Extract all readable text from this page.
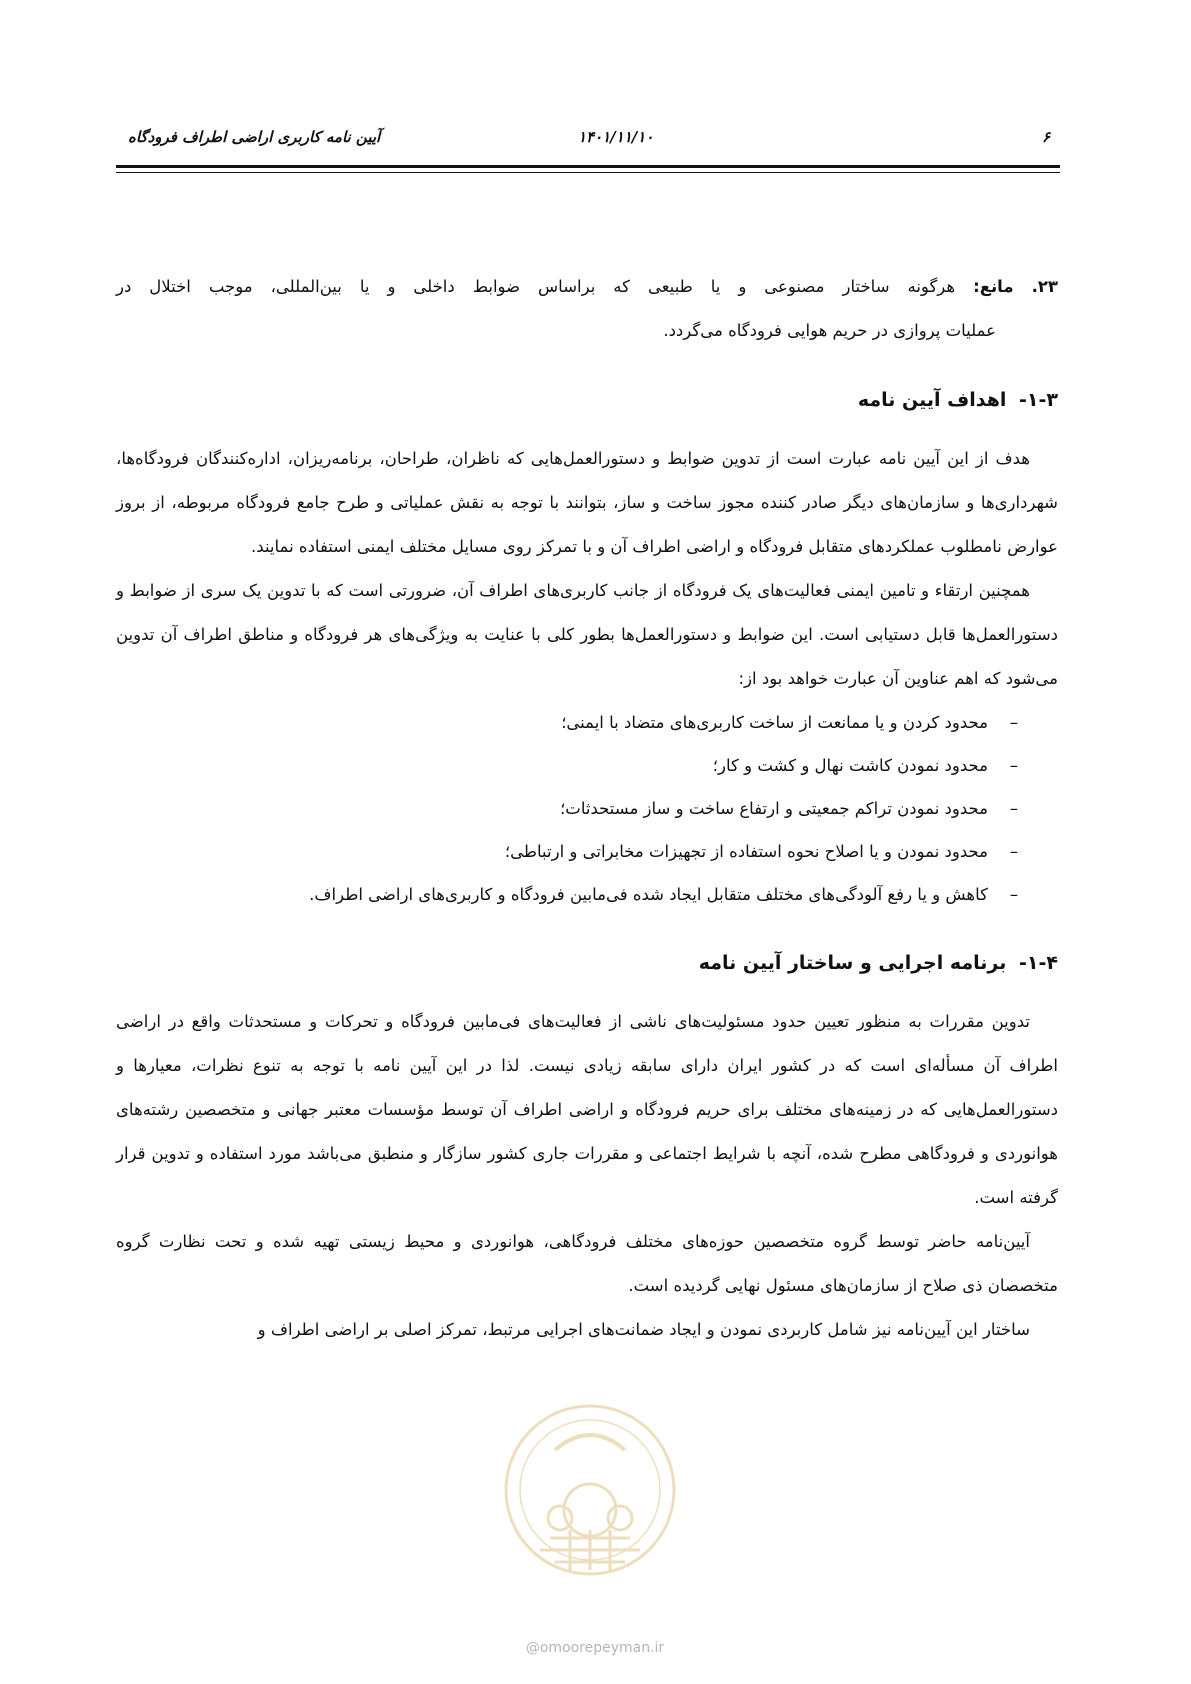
۶
۱۴۰۱/۱۱/۱۰
آیین نامه کاربری اراضی اطراف فرودگاه
۲۳. مانع: هرگونه ساختار مصنوعی و یا طبیعی که براساس ضوابط داخلی و یا بین‌المللی، موجب اختلال در
عملیات پروازی در حریم هوایی فرودگاه می‌گردد.
۱-۳- اهداف آیین نامه

هدف از این آیین نامه عبارت است از تدوین ضوابط و دستورالعمل‌هایی که ناظران، طراحان، برنامه‌ریزان، اداره‌کنندگان فرودگاه‌ها، شهرداری‌ها و سازمان‌های دیگر صادر کننده مجوز ساخت و ساز، بتوانند با توجه به نقش عملیاتی و طرح جامع فرودگاه مربوطه، از بروز عوارض نامطلوب عملکردهای متقابل فرودگاه و اراضی اطراف آن و با تمرکز روی مسایل مختلف ایمنی استفاده نمایند.

همچنین ارتقاء و تامین ایمنی فعالیت‌های یک فرودگاه از جانب کاربری‌های اطراف آن، ضرورتی است که با تدوین یک سری از ضوابط و دستورالعمل‌ها قابل دستیابی است. این ضوابط و دستورالعمل‌ها بطور کلی با عنایت به ویژگی‌های هر فرودگاه و مناطق اطراف آن تدوین می‌شود که اهم عناوین آن عبارت خواهد بود از:

–محدود کردن و یا ممانعت از ساخت کاربری‌های متضاد با ایمنی؛
–محدود نمودن کاشت نهال و کشت و کار؛
–محدود نمودن تراکم جمعیتی و ارتفاع ساخت و ساز مستحدثات؛
–محدود نمودن و یا اصلاح نحوه استفاده از تجهیزات مخابراتی و ارتباطی؛
–کاهش و یا رفع آلودگی‌های مختلف متقابل ایجاد شده فی‌مابین فرودگاه و کاربری‌های اراضی اطراف.
۱-۴- برنامه اجرایی و ساختار آیین نامه

تدوین مقررات به منظور تعیین حدود مسئولیت‌های ناشی از فعالیت‌های فی‌مابین فرودگاه و تحرکات و مستحدثات واقع در اراضی اطراف آن مسأله‌ای است که در کشور ایران دارای سابقه زیادی نیست. لذا در این آیین نامه با توجه به تنوع نظرات، معیارها و دستورالعمل‌هایی که در زمینه‌های مختلف برای حریم فرودگاه و اراضی اطراف آن توسط مؤسسات معتبر جهانی و متخصصین رشته‌های هوانوردی و فرودگاهی مطرح شده، آنچه با شرایط اجتماعی و مقررات جاری کشور سازگار و منطبق می‌باشد مورد استفاده و تدوین قرار گرفته است.

آیین‌نامه حاضر توسط گروه متخصصین حوزه‌های مختلف فرودگاهی، هوانوردی و محیط زیستی تهیه شده و تحت نظارت گروه متخصصان ذی صلاح از سازمان‌های مسئول نهایی گردیده است.

ساختار این آیین‌نامه نیز شامل کاربردی نمودن و ایجاد ضمانت‌های اجرایی مرتبط، تمرکز اصلی بر اراضی اطراف و

@omoorepeyman.ir
